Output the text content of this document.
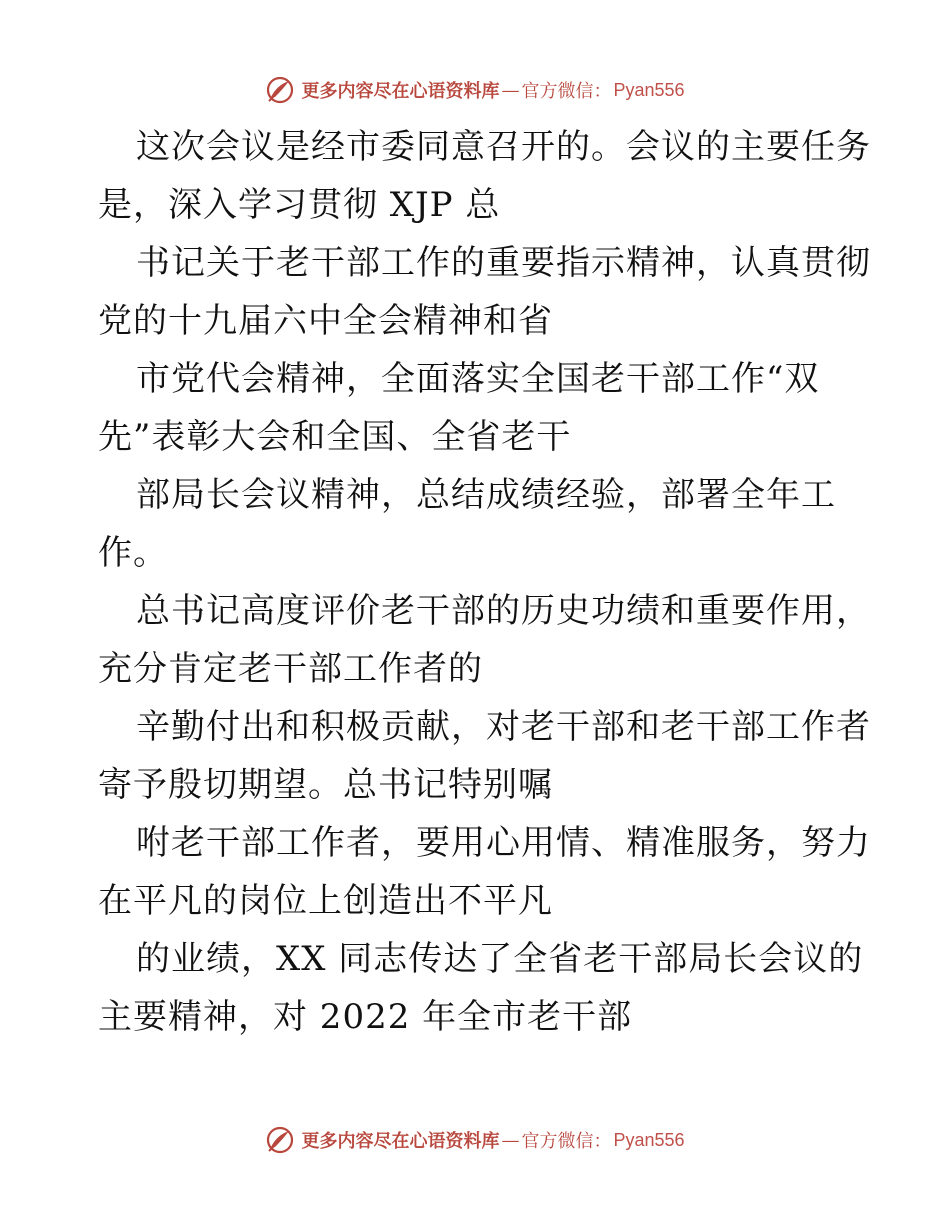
更多内容尽在心语资料库 — 官方微信： Pyan556
这次会议是经市委同意召开的。会议的主要任务
是，深入学习贯彻 XJP 总
书记关于老干部工作的重要指示精神，认真贯彻
党的十九届六中全会精神和省
市党代会精神，全面落实全国老干部工作“双
先”表彰大会和全国、全省老干
部局长会议精神，总结成绩经验，部署全年工
作。
总书记高度评价老干部的历史功绩和重要作用，
充分肯定老干部工作者的
辛勤付出和积极贡献，对老干部和老干部工作者
寄予殷切期望。总书记特别嘱
咐老干部工作者，要用心用情、精准服务，努力
在平凡的岗位上创造出不平凡
的业绩，XX 同志传达了全省老干部局长会议的
主要精神，对 2022 年全市老干部
更多内容尽在心语资料库 — 官方微信： Pyan556
